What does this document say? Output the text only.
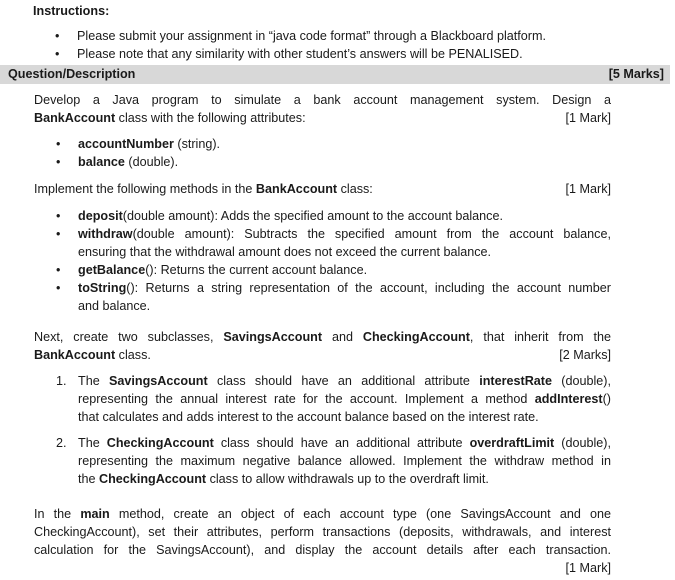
Instructions:
• Please submit your assignment in “java code format” through a Blackboard platform.
• Please note that any similarity with other student’s answers will be PENALISED.
Question/Description	[5 Marks]
Develop a Java program to simulate a bank account management system. Design a
BankAccount class with the following attributes:	[1 Mark]
• accountNumber (string).
• balance (double).
Implement the following methods in the BankAccount class:	[1 Mark]
• deposit(double amount): Adds the specified amount to the account balance.
• withdraw(double amount): Subtracts the specified amount from the account balance,
ensuring that the withdrawal amount does not exceed the current balance.
• getBalance(): Returns the current account balance.
• toString(): Returns a string representation of the account, including the account number
and balance.
Next, create two subclasses, SavingsAccount and CheckingAccount, that inherit from the
BankAccount class.	[2 Marks]
1. The SavingsAccount class should have an additional attribute interestRate (double),
representing the annual interest rate for the account. Implement a method addInterest()
that calculates and adds interest to the account balance based on the interest rate.
2. The CheckingAccount class should have an additional attribute overdraftLimit (double),
representing the maximum negative balance allowed. Implement the withdraw method in
the CheckingAccount class to allow withdrawals up to the overdraft limit.
In the main method, create an object of each account type (one SavingsAccount and one
CheckingAccount), set their attributes, perform transactions (deposits, withdrawals, and interest
calculation for the SavingsAccount), and display the account details after each transaction.
[1 Mark]
